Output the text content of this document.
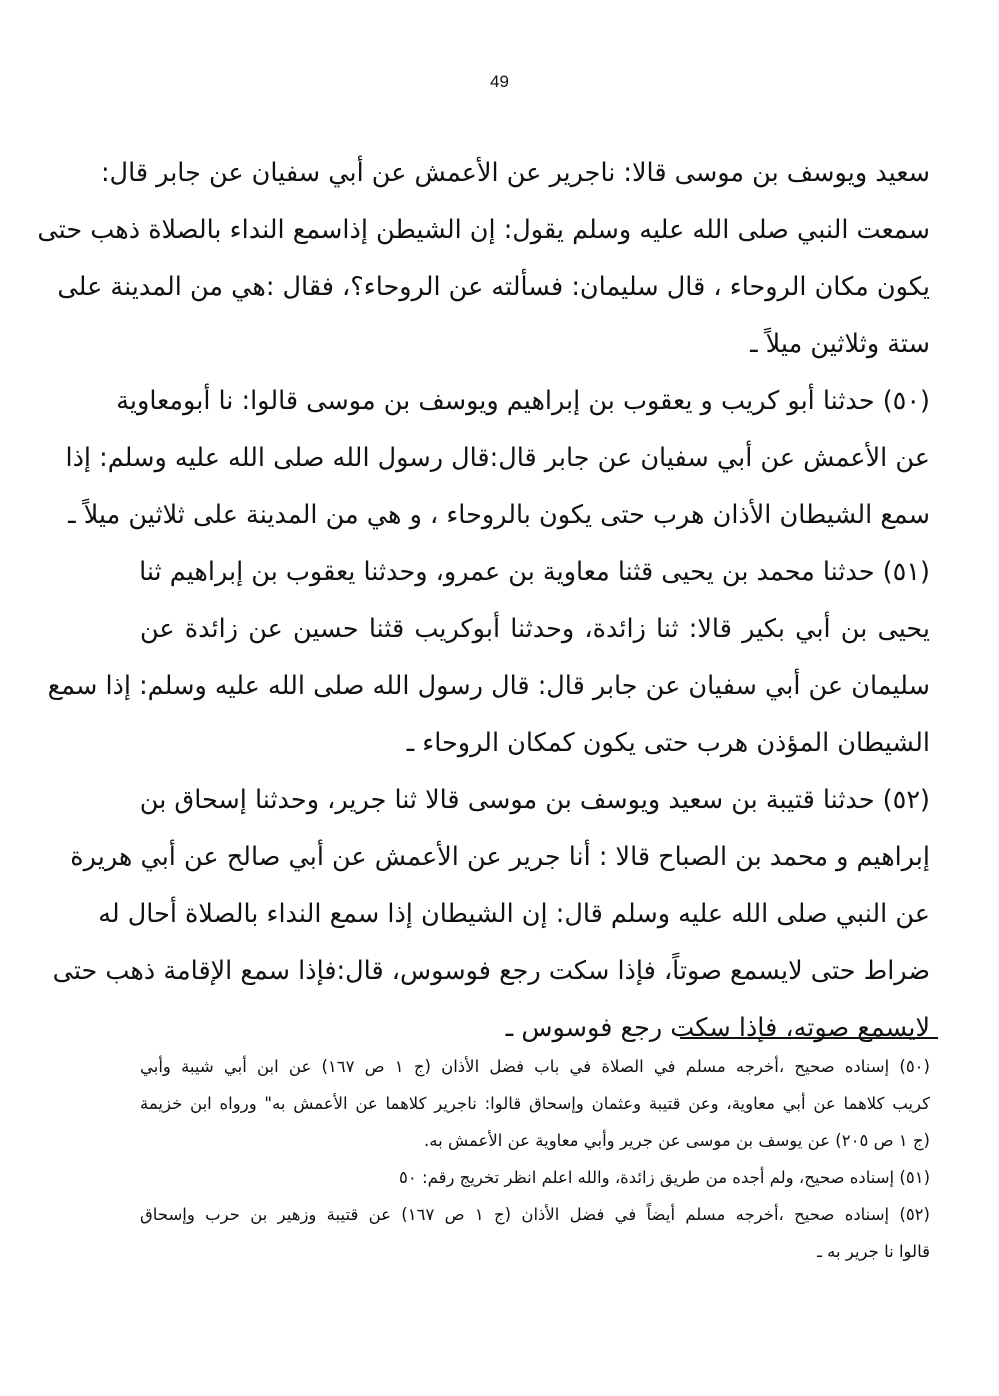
49
سعيد ويوسف بن موسى قالا: ناجرير عن الأعمش عن أبي سفيان عن جابر قال:
سمعت النبي صلى الله عليه وسلم يقول: إن الشيطن إذاسمع النداء بالصلاة ذهب حتى
يكون مكان الروحاء ، قال سليمان: فسألته عن الروحاء؟، فقال :هي من المدينة على
ستة وثلاثين ميلاً ـ
(٥٠) حدثنا أبو كريب و يعقوب بن إبراهيم ويوسف بن موسى قالوا: نا أبومعاوية
عن الأعمش عن أبي سفيان عن جابر قال:قال رسول الله صلى الله عليه وسلم: إذا
سمع الشيطان الأذان هرب حتى يكون بالروحاء ، و هي من المدينة على ثلاثين ميلاً ـ
(٥١) حدثنا محمد بن يحيى قثنا معاوية بن عمرو، وحدثنا يعقوب بن إبراهيم ثنا
يحيى بن أبي بكير قالا: ثنا زائدة، وحدثنا أبوكريب قثنا حسين عن زائدة عن
سليمان عن أبي سفيان عن جابر قال: قال رسول الله صلى الله عليه وسلم: إذا سمع
الشيطان المؤذن هرب حتى يكون كمكان الروحاء ـ
(٥٢) حدثنا قتيبة بن سعيد ويوسف بن موسى قالا ثنا جرير، وحدثنا إسحاق بن
إبراهيم و محمد بن الصباح قالا : أنا جرير عن الأعمش عن أبي صالح عن أبي هريرة
عن النبي صلى الله عليه وسلم قال: إن الشيطان إذا سمع النداء بالصلاة أحال له
ضراط حتى لايسمع صوتاً، فإذا سكت رجع فوسوس، قال:فإذا سمع الإقامة ذهب حتى
لايسمع صوته، فإذا سكت رجع فوسوس ـ
(٥٠) إسناده صحيح ،أخرجه مسلم في الصلاة في باب فضل الأذان (ج ١ ص ١٦٧) عن ابن أبي شيبة وأبي
كريب كلاهما عن أبي معاوية، وعن قتيبة وعثمان وإسحاق قالوا: ناجرير كلاهما عن الأعمش به" ورواه ابن خزيمة
(ج ١ ص ٢٠٥) عن يوسف بن موسى عن جرير وأبي معاوية عن الأعمش به.
(٥١) إسناده صحيح، ولم أجده من طريق زائدة، والله اعلم انظر تخريج رقم: ٥٠
(٥٢) إسناده صحيح ،أخرجه مسلم أيضاً في فضل الأذان (ج ١ ص ١٦٧) عن قتيبة وزهير بن حرب وإسحاق
قالوا نا جرير به ـ
